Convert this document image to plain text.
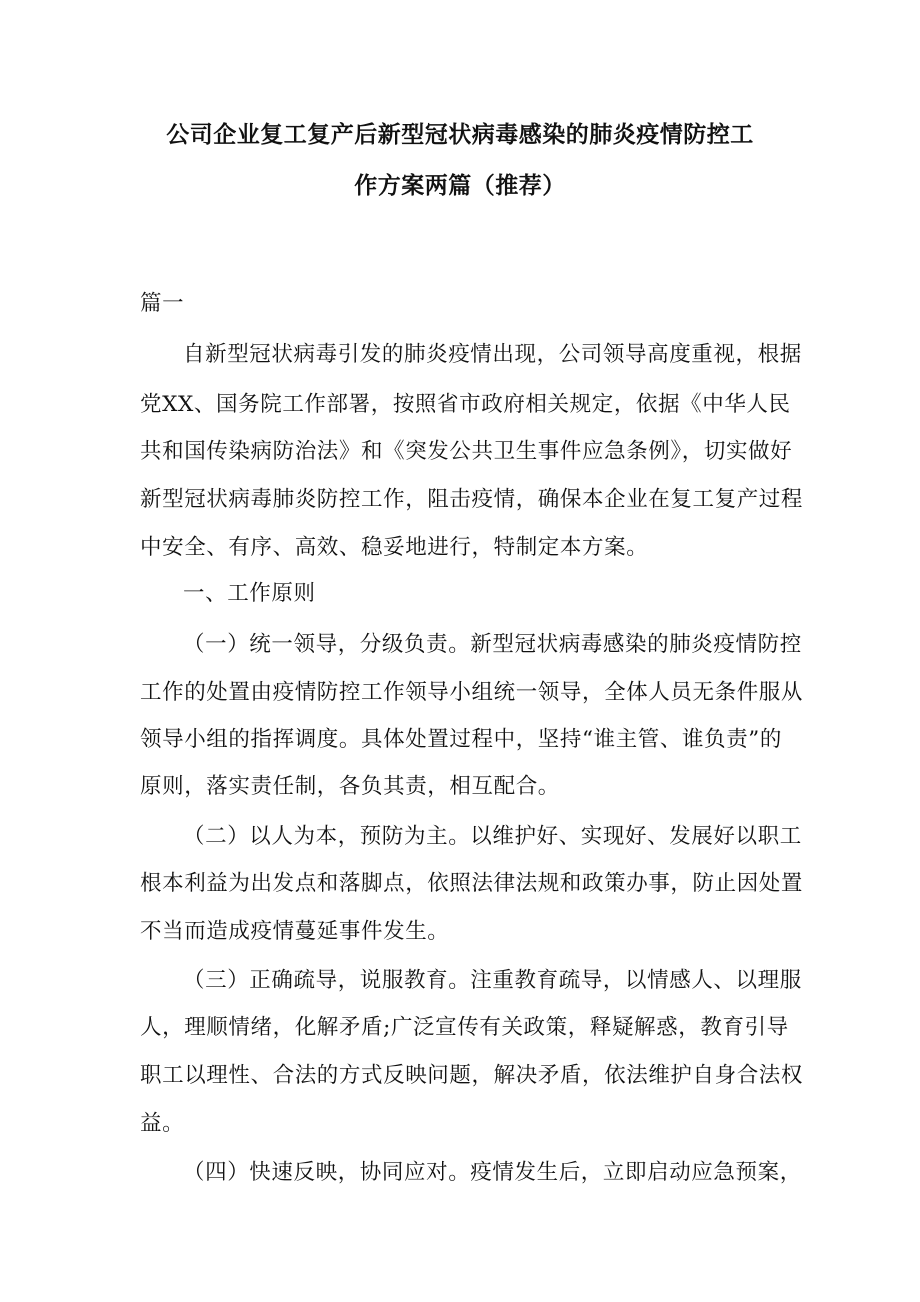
公司企业复工复产后新型冠状病毒感染的肺炎疫情防控工
作方案两篇（推荐）
篇一
自新型冠状病毒引发的肺炎疫情出现，公司领导高度重视，根据
党XX、国务院工作部署，按照省市政府相关规定，依据《中华人民
共和国传染病防治法》和《突发公共卫生事件应急条例》，切实做好
新型冠状病毒肺炎防控工作，阻击疫情，确保本企业在复工复产过程
中安全、有序、高效、稳妥地进行，特制定本方案。
一、工作原则
（一）统一领导，分级负责。新型冠状病毒感染的肺炎疫情防控
工作的处置由疫情防控工作领导小组统一领导，全体人员无条件服从
领导小组的指挥调度。具体处置过程中，坚持“谁主管、谁负责”的
原则，落实责任制，各负其责，相互配合。
（二）以人为本，预防为主。以维护好、实现好、发展好以职工
根本利益为出发点和落脚点，依照法律法规和政策办事，防止因处置
不当而造成疫情蔓延事件发生。
（三）正确疏导，说服教育。注重教育疏导，以情感人、以理服
人，理顺情绪，化解矛盾;广泛宣传有关政策，释疑解惑，教育引导
职工以理性、合法的方式反映问题，解决矛盾，依法维护自身合法权
益。
（四）快速反映，协同应对。疫情发生后，立即启动应急预案，
